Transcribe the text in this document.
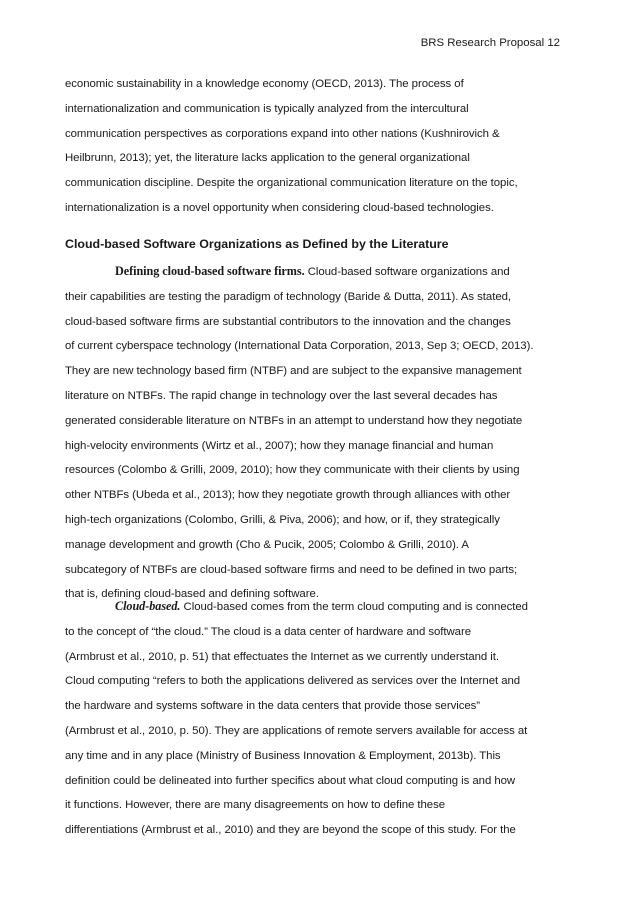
BRS Research Proposal 12
economic sustainability in a knowledge economy (OECD, 2013). The process of
internationalization and communication is typically analyzed from the intercultural
communication perspectives as corporations expand into other nations (Kushnirovich &
Heilbrunn, 2013); yet, the literature lacks application to the general organizational
communication discipline. Despite the organizational communication literature on the topic,
internationalization is a novel opportunity when considering cloud-based technologies.
Cloud-based Software Organizations as Defined by the Literature
Defining cloud-based software firms. Cloud-based software organizations and
their capabilities are testing the paradigm of technology (Baride & Dutta, 2011). As stated,
cloud-based software firms are substantial contributors to the innovation and the changes
of current cyberspace technology (International Data Corporation, 2013, Sep 3; OECD, 2013).
They are new technology based firm (NTBF) and are subject to the expansive management
literature on NTBFs. The rapid change in technology over the last several decades has
generated considerable literature on NTBFs in an attempt to understand how they negotiate
high-velocity environments (Wirtz et al., 2007); how they manage financial and human
resources (Colombo & Grilli, 2009, 2010); how they communicate with their clients by using
other NTBFs (Ubeda et al., 2013); how they negotiate growth through alliances with other
high-tech organizations (Colombo, Grilli, & Piva, 2006); and how, or if, they strategically
manage development and growth (Cho & Pucik, 2005; Colombo & Grilli, 2010). A
subcategory of NTBFs are cloud-based software firms and need to be defined in two parts;
that is, defining cloud-based and defining software.
Cloud-based. Cloud-based comes from the term cloud computing and is connected
to the concept of “the cloud.” The cloud is a data center of hardware and software
(Armbrust et al., 2010, p. 51) that effectuates the Internet as we currently understand it.
Cloud computing “refers to both the applications delivered as services over the Internet and
the hardware and systems software in the data centers that provide those services”
(Armbrust et al., 2010, p. 50). They are applications of remote servers available for access at
any time and in any place (Ministry of Business Innovation & Employment, 2013b). This
definition could be delineated into further specifics about what cloud computing is and how
it functions. However, there are many disagreements on how to define these
differentiations (Armbrust et al., 2010) and they are beyond the scope of this study. For the
